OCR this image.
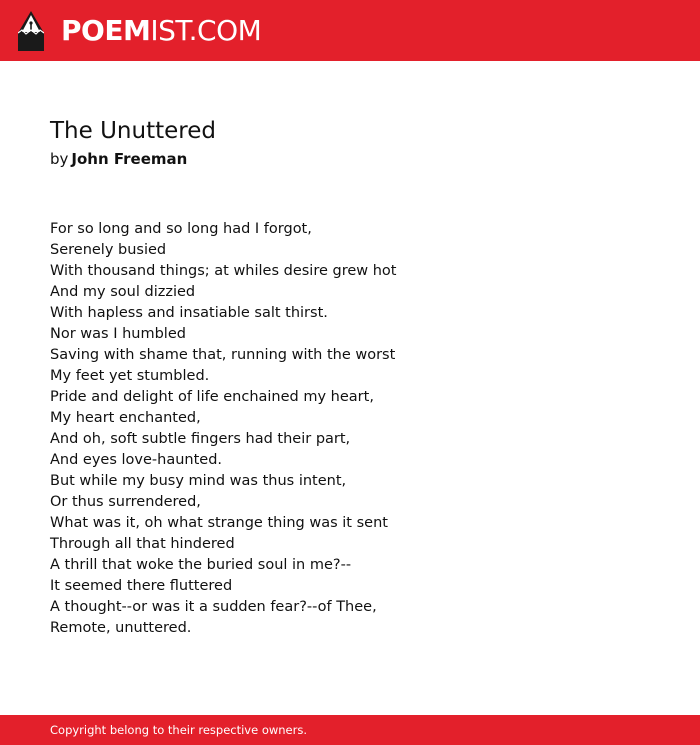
POEMIST.COM
The Unuttered
by John Freeman
For so long and so long had I forgot,
Serenely busied
With thousand things; at whiles desire grew hot
And my soul dizzied
With hapless and insatiable salt thirst.
Nor was I humbled
Saving with shame that, running with the worst
My feet yet stumbled.
Pride and delight of life enchained my heart,
My heart enchanted,
And oh, soft subtle fingers had their part,
And eyes love-haunted.
But while my busy mind was thus intent,
Or thus surrendered,
What was it, oh what strange thing was it sent
Through all that hindered
A thrill that woke the buried soul in me?--
It seemed there fluttered
A thought--or was it a sudden fear?--of Thee,
Remote, unuttered.
Copyright belong to their respective owners.
